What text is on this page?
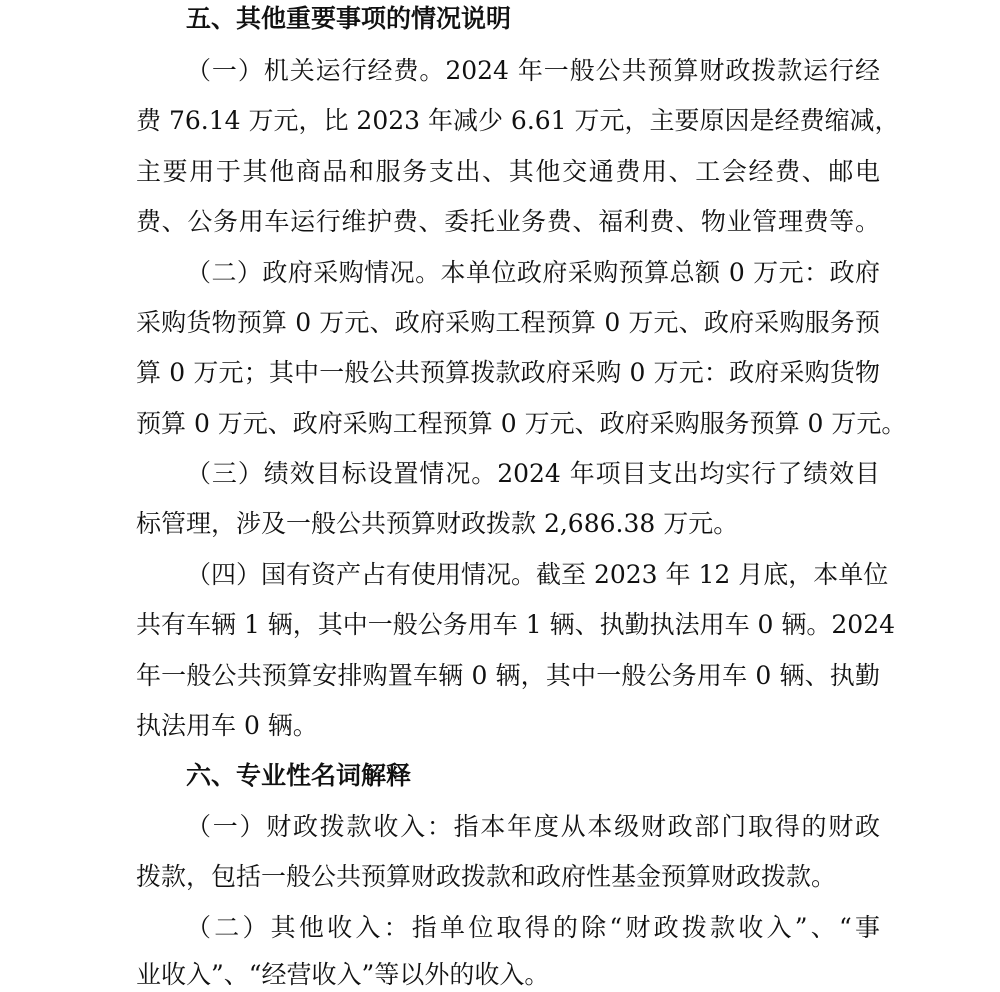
五、其他重要事项的情况说明
（一）机关运行经费。2024 年一般公共预算财政拨款运行经
费 76.14 万元，比 2023 年减少 6.61 万元，主要原因是经费缩减，
主要用于其他商品和服务支出、其他交通费用、工会经费、邮电
费、公务用车运行维护费、委托业务费、福利费、物业管理费等。
（二）政府采购情况。本单位政府采购预算总额 0 万元：政府
采购货物预算 0 万元、政府采购工程预算 0 万元、政府采购服务预
算 0 万元；其中一般公共预算拨款政府采购 0 万元：政府采购货物
预算 0 万元、政府采购工程预算 0 万元、政府采购服务预算 0 万元。
（三）绩效目标设置情况。2024 年项目支出均实行了绩效目
标管理，涉及一般公共预算财政拨款 2,686.38 万元。
（四）国有资产占有使用情况。截至 2023 年 12 月底，本单位
共有车辆 1 辆，其中一般公务用车 1 辆、执勤执法用车 0 辆。2024
年一般公共预算安排购置车辆 0 辆，其中一般公务用车 0 辆、执勤
执法用车 0 辆。
六、专业性名词解释
（一）财政拨款收入：指本年度从本级财政部门取得的财政
拨款，包括一般公共预算财政拨款和政府性基金预算财政拨款。
（二）其他收入：指单位取得的除“财政拨款收入”、“事
业收入”、“经营收入”等以外的收入。
